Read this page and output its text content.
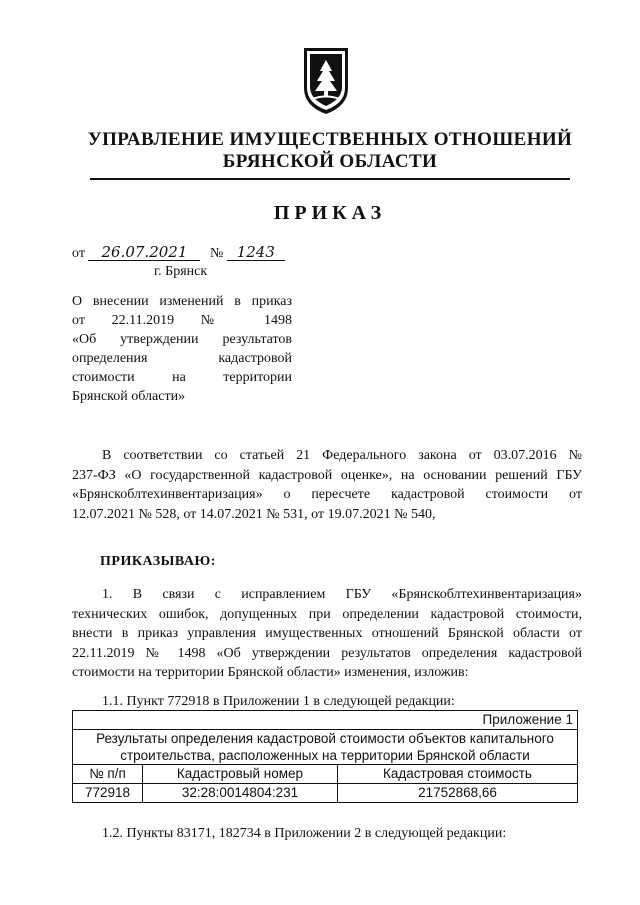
УПРАВЛЕНИЕ ИМУЩЕСТВЕННЫХ ОТНОШЕНИЙ
БРЯНСКОЙ ОБЛАСТИ
ПРИКАЗ
от 26.07.2021 № 1243
г. Брянск
О внесении изменений в приказ
от 22.11.2019 № 1498
«Об утверждении результатов
определения кадастровой
стоимости на территории
Брянской области»
В соответствии со статьей 21 Федерального закона от 03.07.2016 №
237-ФЗ «О государственной кадастровой оценке», на основании решений ГБУ
«Брянскоблтехинвентаризация» о пересчете кадастровой стоимости от
12.07.2021 № 528, от 14.07.2021 № 531, от 19.07.2021 № 540,
ПРИКАЗЫВАЮ:
1. В связи с исправлением ГБУ «Брянскоблтехинвентаризация»
технических ошибок, допущенных при определении кадастровой стоимости,
внести в приказ управления имущественных отношений Брянской области от
22.11.2019 № 1498 «Об утверждении результатов определения кадастровой
стоимости на территории Брянской области» изменения, изложив:
1.1. Пункт 772918 в Приложении 1 в следующей редакции:
Приложение 1		

Результаты определения кадастровой стоимости объектов капитального
строительства, расположенных на территории Брянской области		

№ п/п	Кадастровый номер	Кадастровая стоимость
772918	32:28:0014804:231	21752868,66
1.2. Пункты 83171, 182734 в Приложении 2 в следующей редакции:
